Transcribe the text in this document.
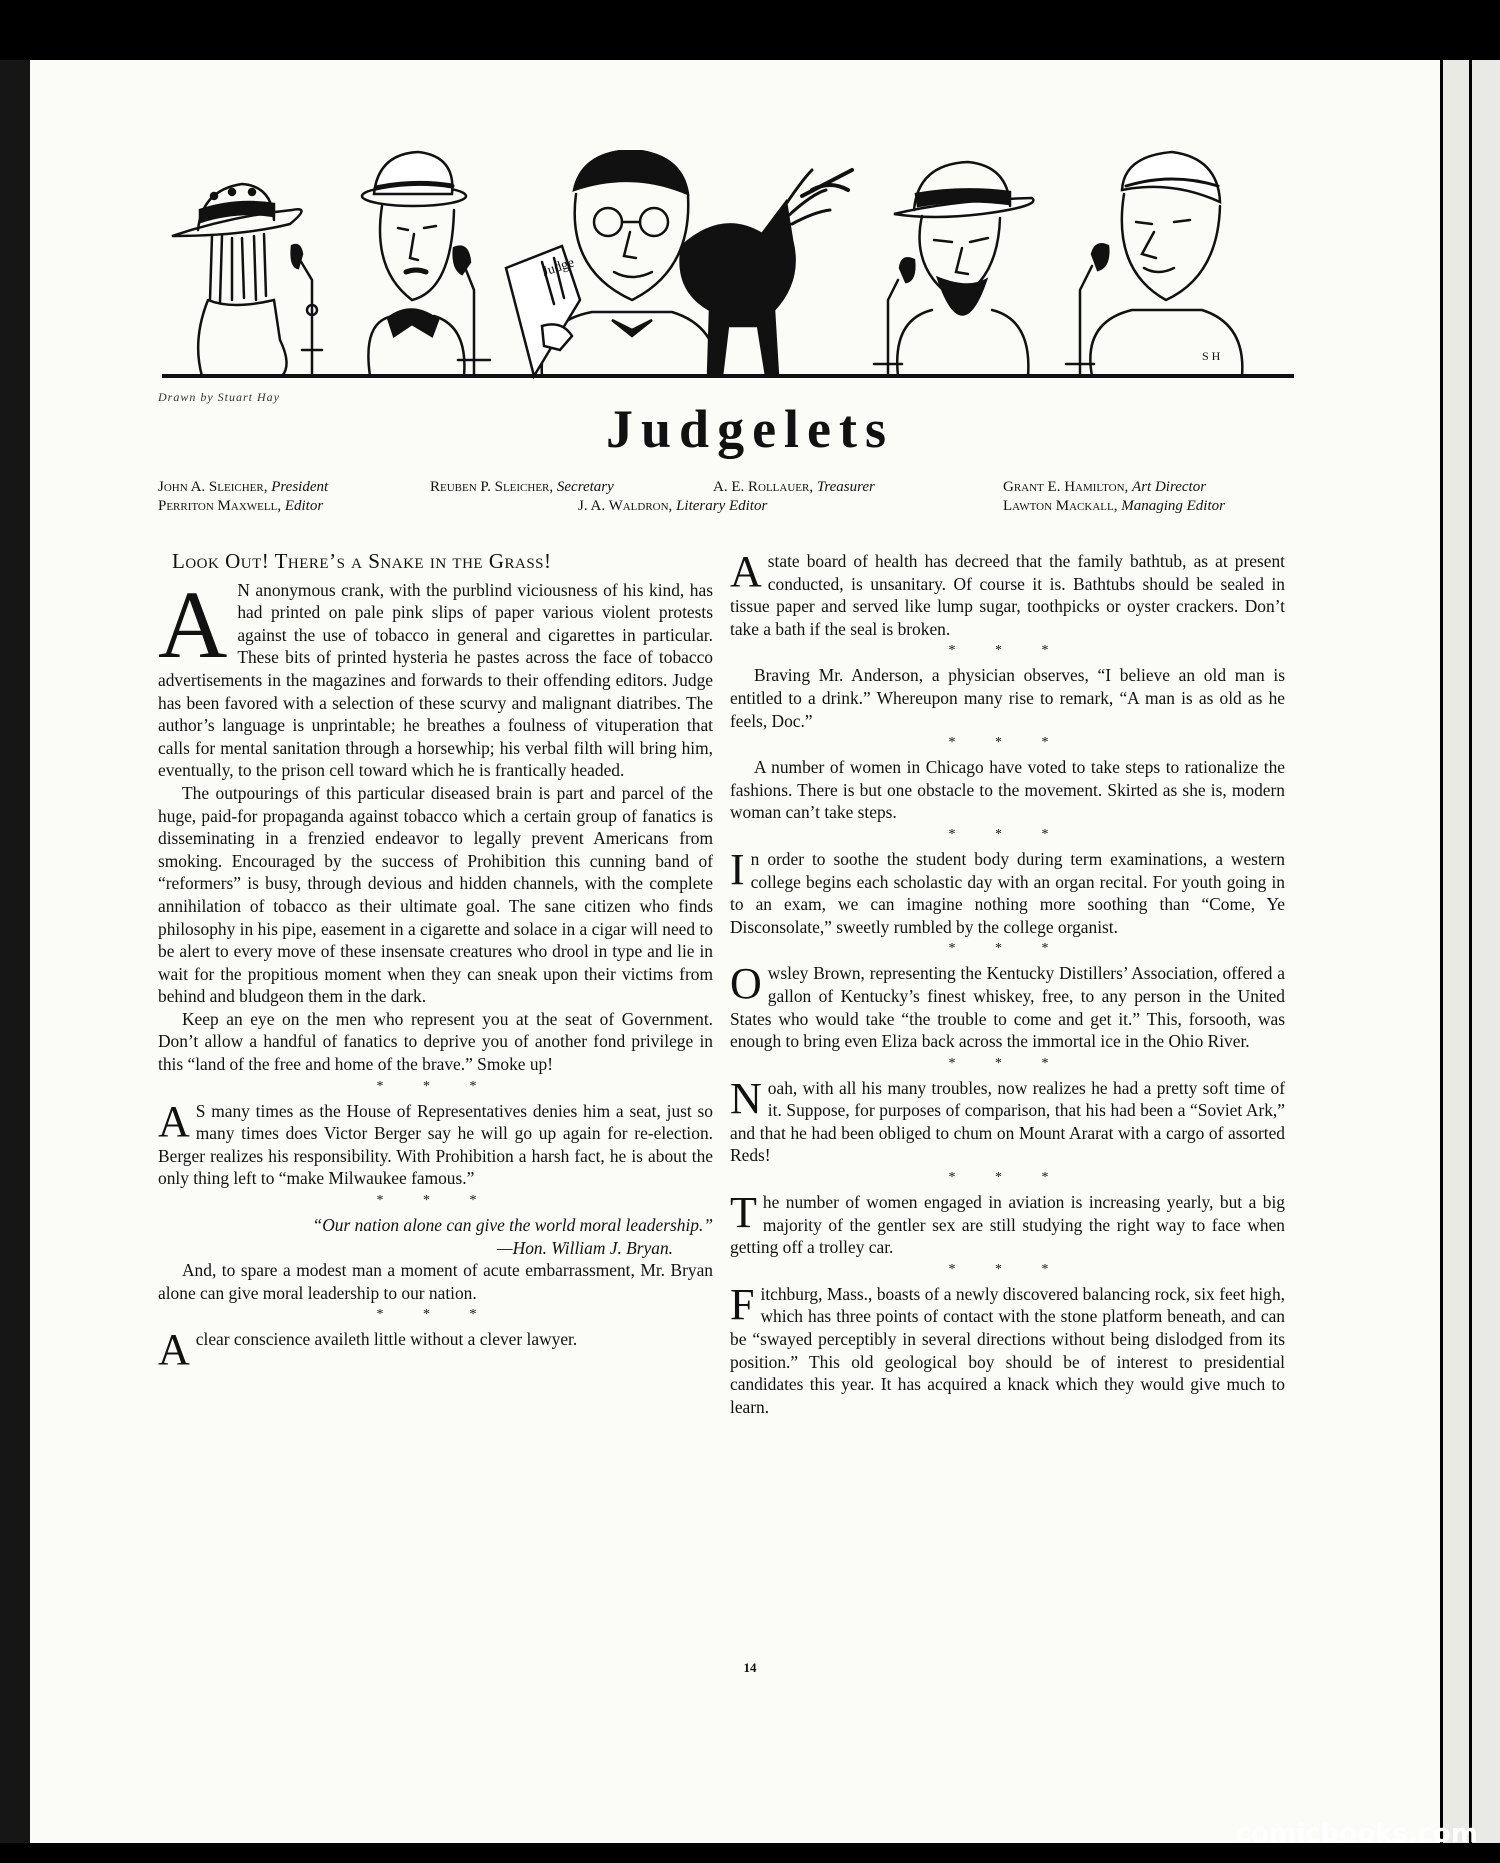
Judge
S H
Drawn by Stuart Hay
Judgelets
John A. Sleicher, President	Reuben P. Sleicher, Secretary	A. E. Rollauer, Treasurer	Grant E. Hamilton, Art Director
Perriton Maxwell, Editor	J. A. Waldron, Literary Editor	Lawton Mackall, Managing Editor

Look Out! There’s a Snake in the Grass!

A N anonymous crank, with the purblind viciousness of his kind, has had printed on pale pink slips of paper various violent protests against the use of tobacco in general and cigarettes in particular. These bits of printed hysteria he pastes across the face of tobacco advertisements in the magazines and forwards to their offending editors. Judge has been favored with a selection of these scurvy and malignant diatribes. The author’s language is unprintable; he breathes a foulness of vituperation that calls for mental sanitation through a horsewhip; his verbal filth will bring him, eventually, to the prison cell toward which he is frantically headed.

The outpourings of this particular diseased brain is part and parcel of the huge, paid-for propaganda against tobacco which a certain group of fanatics is disseminating in a frenzied endeavor to legally prevent Americans from smoking. Encouraged by the success of Prohibition this cunning band of “reformers” is busy, through devious and hidden channels, with the complete annihilation of tobacco as their ultimate goal. The sane citizen who finds philosophy in his pipe, easement in a cigarette and solace in a cigar will need to be alert to every move of these insensate creatures who drool in type and lie in wait for the propitious moment when they can sneak upon their victims from behind and bludgeon them in the dark.

Keep an eye on the men who represent you at the seat of Government. Don’t allow a handful of fanatics to deprive you of another fond privilege in this “land of the free and home of the brave.” Smoke up!

* * *

A S many times as the House of Representatives denies him a seat, just so many times does Victor Berger say he will go up again for re-election. Berger realizes his responsibility. With Prohibition a harsh fact, he is about the only thing left to “make Milwaukee famous.”

* * *

“Our nation alone can give the world moral leadership.”

—Hon. William J. Bryan.

And, to spare a modest man a moment of acute embarrassment, Mr. Bryan alone can give moral leadership to our nation.

* * *

Aclear conscience availeth little without a clever lawyer.

Astate board of health has decreed that the family bathtub, as at present conducted, is unsanitary. Of course it is. Bathtubs should be sealed in tissue paper and served like lump sugar, toothpicks or oyster crackers. Don’t take a bath if the seal is broken.

* * *

Braving Mr. Anderson, a physician observes, “I believe an old man is entitled to a drink.” Whereupon many rise to remark, “A man is as old as he feels, Doc.”

* * *

A number of women in Chicago have voted to take steps to rationalize the fashions. There is but one obstacle to the movement. Skirted as she is, modern woman can’t take steps.

* * *

In order to soothe the student body during term examinations, a western college begins each scholastic day with an organ recital. For youth going in to an exam, we can imagine nothing more soothing than “Come, Ye Disconsolate,” sweetly rumbled by the college organist.

* * *

Owsley Brown, representing the Kentucky Distillers’ Association, offered a gallon of Kentucky’s finest whiskey, free, to any person in the United States who would take “the trouble to come and get it.” This, forsooth, was enough to bring even Eliza back across the immortal ice in the Ohio River.

* * *

Noah, with all his many troubles, now realizes he had a pretty soft time of it. Suppose, for purposes of comparison, that his had been a “Soviet Ark,” and that he had been obliged to chum on Mount Ararat with a cargo of assorted Reds!

* * *

The number of women engaged in aviation is increasing yearly, but a big majority of the gentler sex are still studying the right way to face when getting off a trolley car.

* * *

Fitchburg, Mass., boasts of a newly discovered balancing rock, six feet high, which has three points of contact with the stone platform beneath, and can be “swayed perceptibly in several directions without being dislodged from its position.” This old geological boy should be of interest to presidential candidates this year. It has acquired a knack which they would give much to learn.

14
comicbooks.com
